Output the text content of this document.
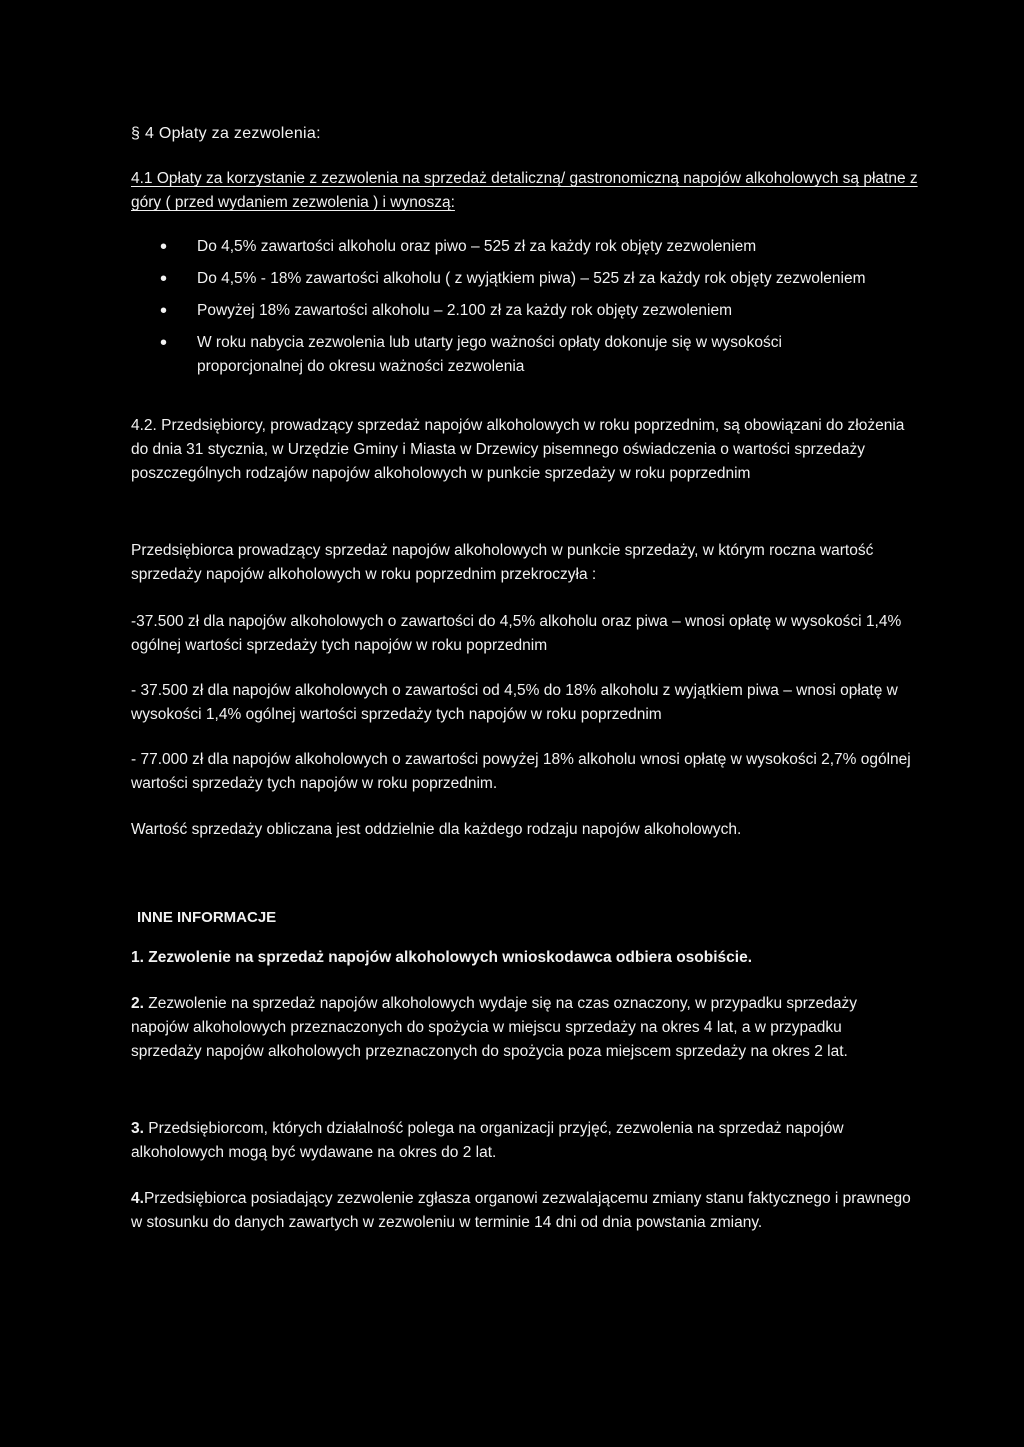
§ 4 Opłaty za zezwolenia:

4.1 Opłaty za korzystanie z zezwolenia na sprzedaż detaliczną/ gastronomiczną napojów alkoholowych są płatne z góry ( przed wydaniem zezwolenia ) i wynoszą:

• Do 4,5% zawartości alkoholu oraz piwo – 525 zł za każdy rok objęty zezwoleniem
• Do 4,5% - 18% zawartości alkoholu ( z wyjątkiem piwa) – 525 zł za każdy rok objęty zezwoleniem
• Powyżej 18% zawartości alkoholu – 2.100 zł za każdy rok objęty zezwoleniem
• W roku nabycia zezwolenia lub utarty jego ważności opłaty dokonuje się w wysokości proporcjonalnej do okresu ważności zezwolenia

4.2. Przedsiębiorcy, prowadzący sprzedaż napojów alkoholowych w roku poprzednim, są obowiązani do złożenia do dnia 31 stycznia, w Urzędzie Gminy i Miasta w Drzewicy pisemnego oświadczenia o wartości sprzedaży poszczególnych rodzajów napojów alkoholowych w punkcie sprzedaży w roku poprzednim

Przedsiębiorca prowadzący sprzedaż napojów alkoholowych w punkcie sprzedaży, w którym roczna wartość sprzedaży napojów alkoholowych w roku poprzednim przekroczyła :

-37.500 zł dla napojów alkoholowych o zawartości do 4,5% alkoholu oraz piwa – wnosi opłatę w wysokości 1,4% ogólnej wartości sprzedaży tych napojów w roku poprzednim

- 37.500 zł dla napojów alkoholowych o zawartości od 4,5% do 18% alkoholu z wyjątkiem piwa – wnosi opłatę w wysokości 1,4% ogólnej wartości sprzedaży tych napojów w roku poprzednim

- 77.000 zł dla napojów alkoholowych o zawartości powyżej 18% alkoholu wnosi opłatę w wysokości 2,7% ogólnej wartości sprzedaży tych napojów w roku poprzednim.

Wartość sprzedaży obliczana jest oddzielnie dla każdego rodzaju napojów alkoholowych.

INNE INFORMACJE

1. Zezwolenie na sprzedaż napojów alkoholowych wnioskodawca odbiera osobiście.

2. Zezwolenie na sprzedaż napojów alkoholowych wydaje się na czas oznaczony, w przypadku sprzedaży napojów alkoholowych przeznaczonych do spożycia w miejscu sprzedaży na okres 4 lat, a w przypadku sprzedaży napojów alkoholowych przeznaczonych do spożycia poza miejscem sprzedaży na okres 2 lat.

3. Przedsiębiorcom, których działalność polega na organizacji przyjęć, zezwolenia na sprzedaż napojów alkoholowych mogą być wydawane na okres do 2 lat.

4.Przedsiębiorca posiadający zezwolenie zgłasza organowi zezwalającemu zmiany stanu faktycznego i prawnego w stosunku do danych zawartych w zezwoleniu w terminie 14 dni od dnia powstania zmiany.
